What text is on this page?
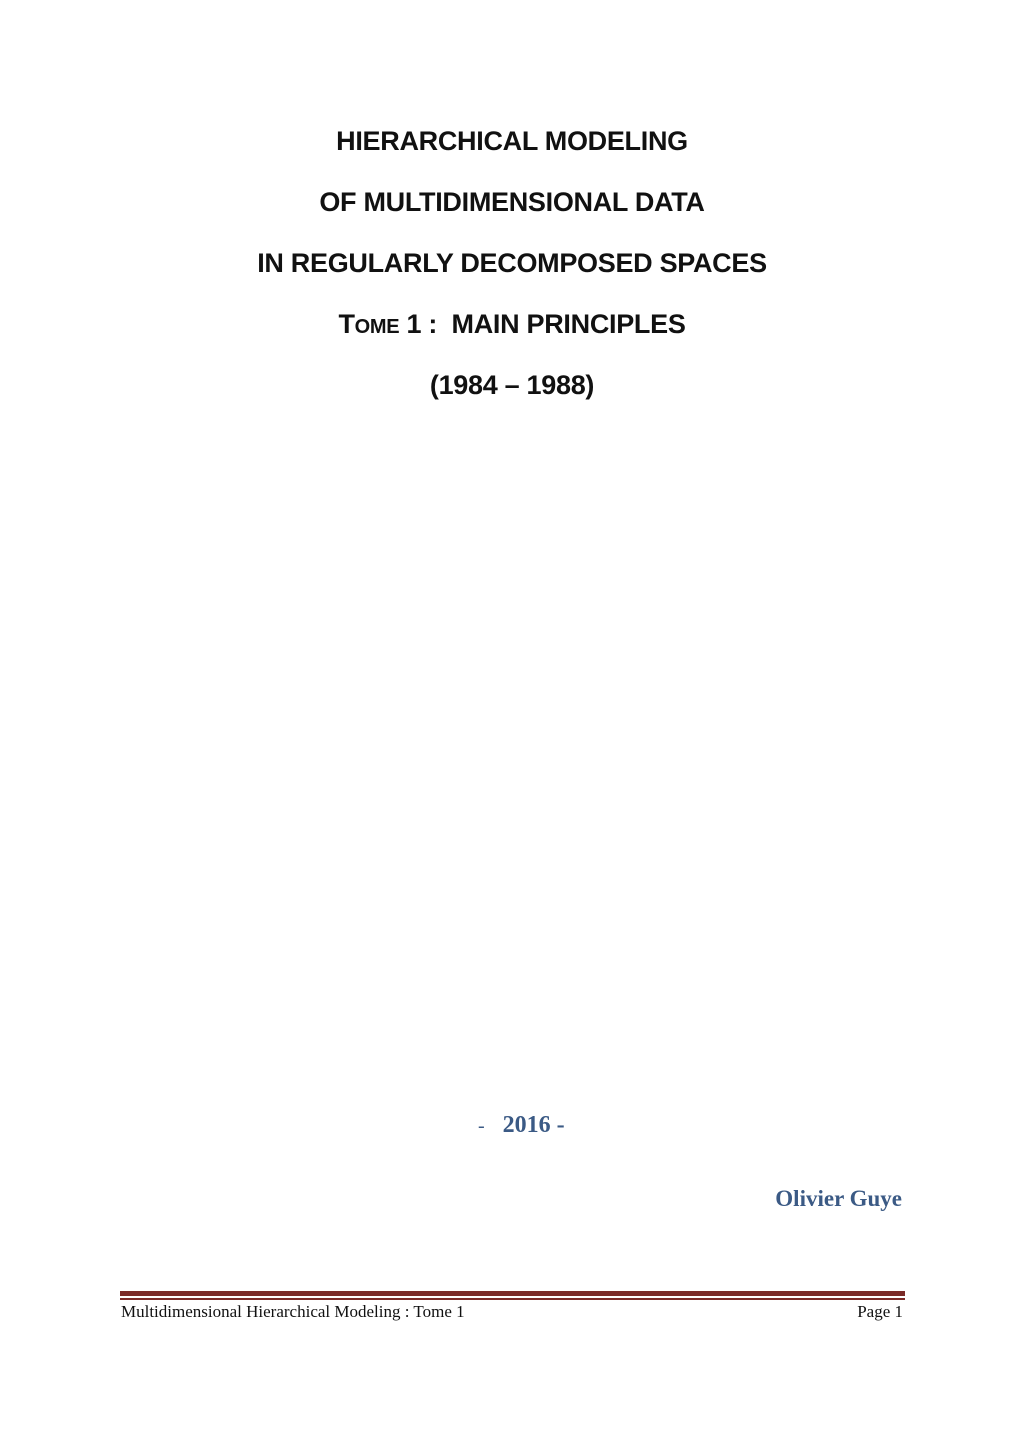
HIERARCHICAL MODELING
OF MULTIDIMENSIONAL DATA
IN REGULARLY DECOMPOSED SPACES
TOME 1 :  MAIN PRINCIPLES
(1984 – 1988)
- 2016 -
Olivier Guye
Multidimensional Hierarchical Modeling : Tome 1	Page 1
